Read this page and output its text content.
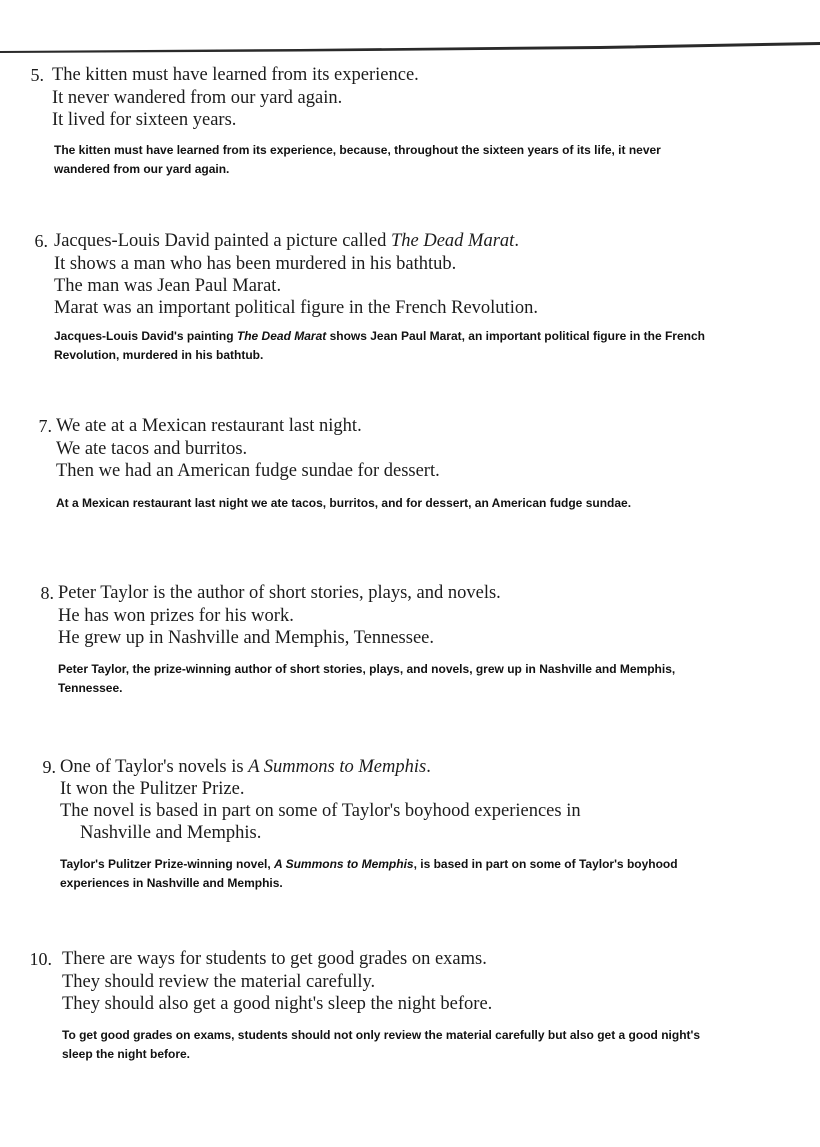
5. The kitten must have learned from its experience.
It never wandered from our yard again.
It lived for sixteen years.
The kitten must have learned from its experience, because, throughout the sixteen years of its life, it never wandered from our yard again.
6. Jacques-Louis David painted a picture called The Dead Marat.
It shows a man who has been murdered in his bathtub.
The man was Jean Paul Marat.
Marat was an important political figure in the French Revolution.
Jacques-Louis David's painting The Dead Marat shows Jean Paul Marat, an important political figure in the French Revolution, murdered in his bathtub.
7. We ate at a Mexican restaurant last night.
We ate tacos and burritos.
Then we had an American fudge sundae for dessert.
At a Mexican restaurant last night we ate tacos, burritos, and for dessert, an American fudge sundae.
8. Peter Taylor is the author of short stories, plays, and novels.
He has won prizes for his work.
He grew up in Nashville and Memphis, Tennessee.
Peter Taylor, the prize-winning author of short stories, plays, and novels, grew up in Nashville and Memphis, Tennessee.
9. One of Taylor's novels is A Summons to Memphis.
It won the Pulitzer Prize.
The novel is based in part on some of Taylor's boyhood experiences in
Nashville and Memphis.
Taylor's Pulitzer Prize-winning novel, A Summons to Memphis, is based in part on some of Taylor's boyhood experiences in Nashville and Memphis.
10. There are ways for students to get good grades on exams.
They should review the material carefully.
They should also get a good night's sleep the night before.
To get good grades on exams, students should not only review the material carefully but also get a good night's sleep the night before.
